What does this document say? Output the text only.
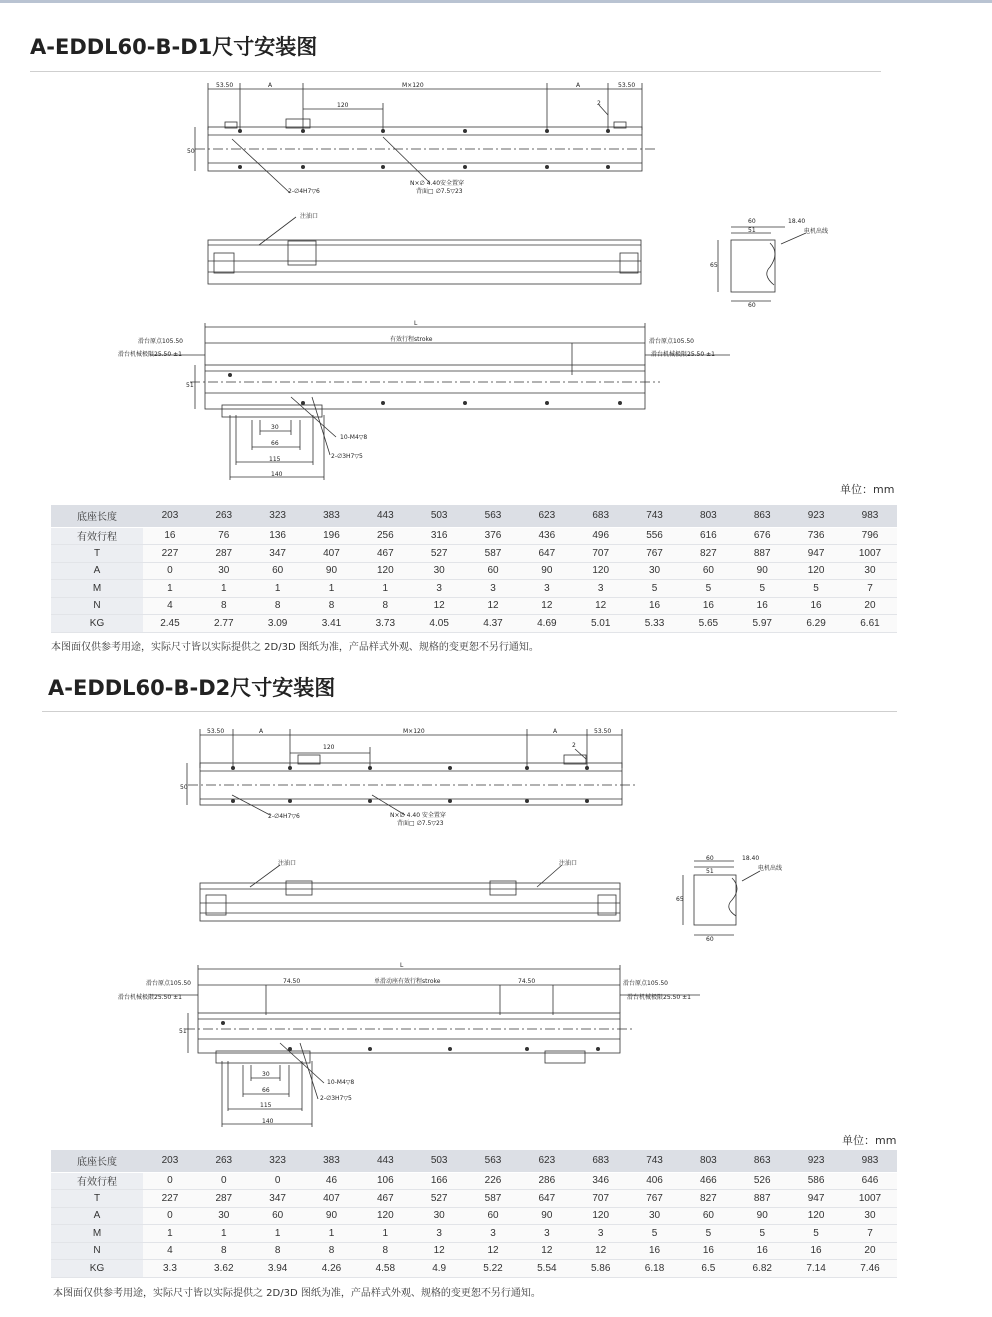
A-EDDL60-B-D1尺寸安装图
53.50	A	M×120	A	53.50
120	2
50
2-∅4H7▽6
N×∅ 4.40安全置穿
背面□ ∅7.5▽23
注油口
60
51
18.40
电机出线
65
60
L
滑台原点105.50
滑台机械极限25.50 ±1
有效行程stroke	滑台原点105.50
滑台机械极限25.50 ±1
51
30
66
115
140
10-M4▽8
2-∅3H7▽5
单位：mm
底座长度	203	263	323	383	443	503	563	623	683	743	803	863	923	983
有效行程	16	76	136	196	256	316	376	436	496	556	616	676	736	796
T	227	287	347	407	467	527	587	647	707	767	827	887	947	1007
A	0	30	60	90	120	30	60	90	120	30	60	90	120	30
M	1	1	1	1	1	3	3	3	3	5	5	5	5	7
N	4	8	8	8	8	12	12	12	12	16	16	16	16	20
KG	2.45	2.77	3.09	3.41	3.73	4.05	4.37	4.69	5.01	5.33	5.65	5.97	6.29	6.61
本图面仅供参考用途，实际尺寸皆以实际提供之 2D/3D 图纸为准，产品样式外观、规格的变更恕不另行通知。
A-EDDL60-B-D2尺寸安装图
53.50	A	M×120	A	53.50
120	2
50
2-∅4H7▽6	N×∅ 4.40 安全置穿
背面□ ∅7.5▽23
注油口	注油口
60
51
18.40
电机出线
65
60
L
滑台原点105.50
滑台机械极限25.50 ±1
74.50	单滑动座有效行程stroke	74.50	滑台原点105.50
滑台机械极限25.50 ±1
51
30
66
115
140
10-M4▽8
2-∅3H7▽5
单位：mm
底座长度	203	263	323	383	443	503	563	623	683	743	803	863	923	983
有效行程	0	0	0	46	106	166	226	286	346	406	466	526	586	646
T	227	287	347	407	467	527	587	647	707	767	827	887	947	1007
A	0	30	60	90	120	30	60	90	120	30	60	90	120	30
M	1	1	1	1	1	3	3	3	3	5	5	5	5	7
N	4	8	8	8	8	12	12	12	12	16	16	16	16	20
KG	3.3	3.62	3.94	4.26	4.58	4.9	5.22	5.54	5.86	6.18	6.5	6.82	7.14	7.46
本图面仅供参考用途，实际尺寸皆以实际提供之 2D/3D 图纸为准，产品样式外观、规格的变更恕不另行通知。
